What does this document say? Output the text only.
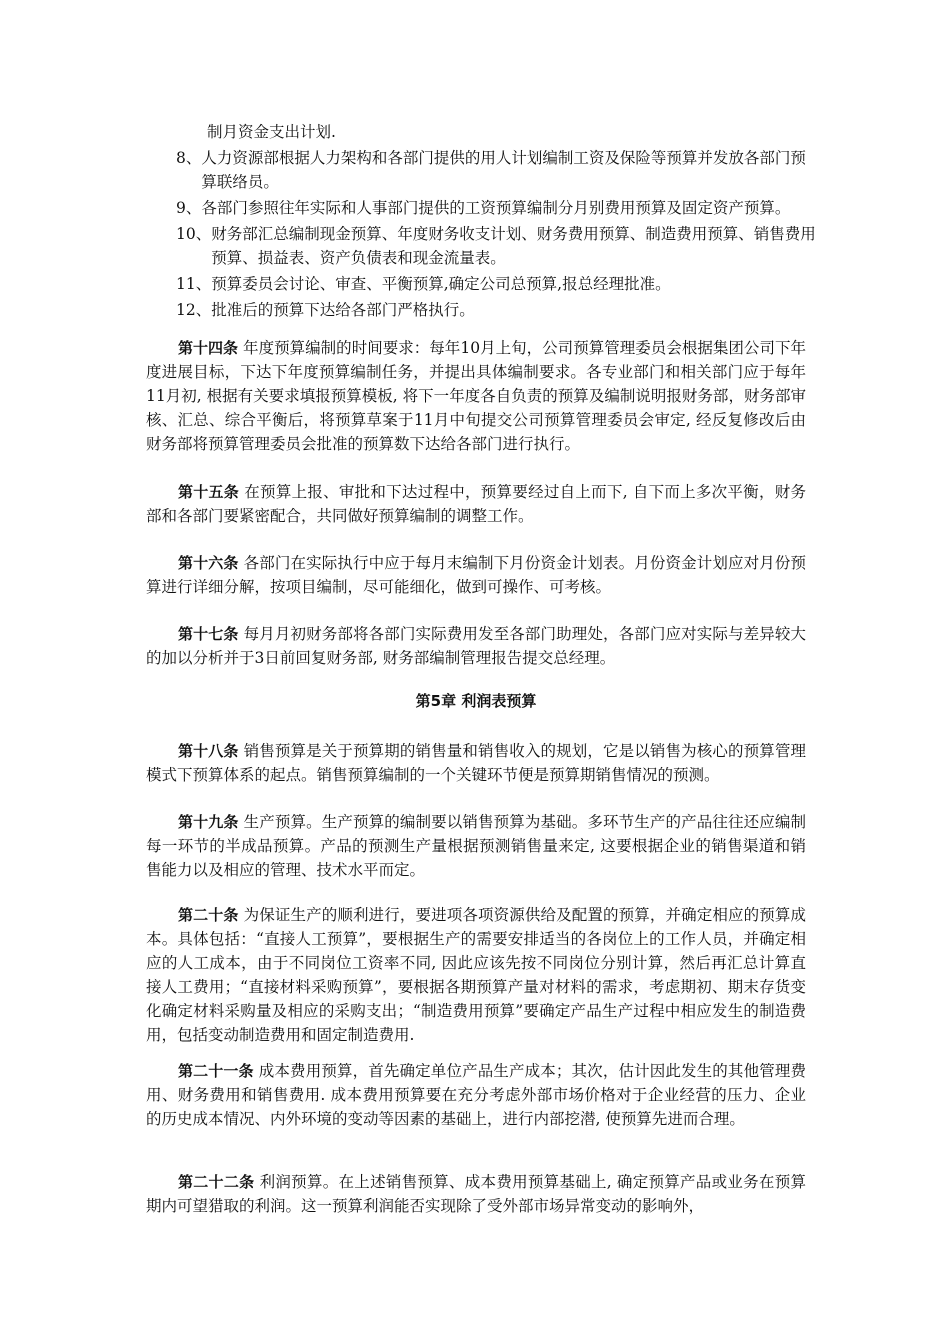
制月资金支出计划.
8、 人力资源部根据人力架构和各部门提供的用人计划编制工资及保险等预算并发放各部门预算联络员。
9、 各部门参照往年实际和人事部门提供的工资预算编制分月别费用预算及固定资产预算。
10、 财务部汇总编制现金预算、年度财务收支计划、财务费用预算、制造费用预算、销售费用预算、损益表、资产负债表和现金流量表。
11、 预算委员会讨论、审查、平衡预算,确定公司总预算,报总经理批准。
12、 批准后的预算下达给各部门严格执行。

第十四条 年度预算编制的时间要求：每年10月上旬，公司预算管理委员会根据集团公司下年度进展目标，下达下年度预算编制任务，并提出具体编制要求。各专业部门和相关部门应于每年11月初, 根据有关要求填报预算模板, 将下一年度各自负责的预算及编制说明报财务部，财务部审核、汇总、综合平衡后，将预算草案于11月中旬提交公司预算管理委员会审定, 经反复修改后由财务部将预算管理委员会批准的预算数下达给各部门进行执行。

第十五条 在预算上报、审批和下达过程中，预算要经过自上而下, 自下而上多次平衡，财务部和各部门要紧密配合，共同做好预算编制的调整工作。

第十六条 各部门在实际执行中应于每月末编制下月份资金计划表。月份资金计划应对月份预算进行详细分解，按项目编制，尽可能细化，做到可操作、可考核。

第十七条 每月月初财务部将各部门实际费用发至各部门助理处，各部门应对实际与差异较大的加以分析并于3日前回复财务部, 财务部编制管理报告提交总经理。

第5章 利润表预算

第十八条 销售预算是关于预算期的销售量和销售收入的规划，它是以销售为核心的预算管理模式下预算体系的起点。销售预算编制的一个关键环节便是预算期销售情况的预测。

第十九条 生产预算。生产预算的编制要以销售预算为基础。多环节生产的产品往往还应编制每一环节的半成品预算。产品的预测生产量根据预测销售量来定, 这要根据企业的销售渠道和销售能力以及相应的管理、技术水平而定。

第二十条 为保证生产的顺利进行，要进项各项资源供给及配置的预算，并确定相应的预算成本。具体包括：“直接人工预算”，要根据生产的需要安排适当的各岗位上的工作人员，并确定相应的人工成本，由于不同岗位工资率不同, 因此应该先按不同岗位分别计算，然后再汇总计算直接人工费用；“直接材料采购预算”，要根据各期预算产量对材料的需求，考虑期初、期末存货变化确定材料采购量及相应的采购支出；“制造费用预算”要确定产品生产过程中相应发生的制造费用，包括变动制造费用和固定制造费用.

第二十一条 成本费用预算，首先确定单位产品生产成本；其次，估计因此发生的其他管理费用、财务费用和销售费用. 成本费用预算要在充分考虑外部市场价格对于企业经营的压力、企业的历史成本情况、内外环境的变动等因素的基础上，进行内部挖潜, 使预算先进而合理。

第二十二条 利润预算。在上述销售预算、成本费用预算基础上, 确定预算产品或业务在预算期内可望猎取的利润。这一预算利润能否实现除了受外部市场异常变动的影响外，
